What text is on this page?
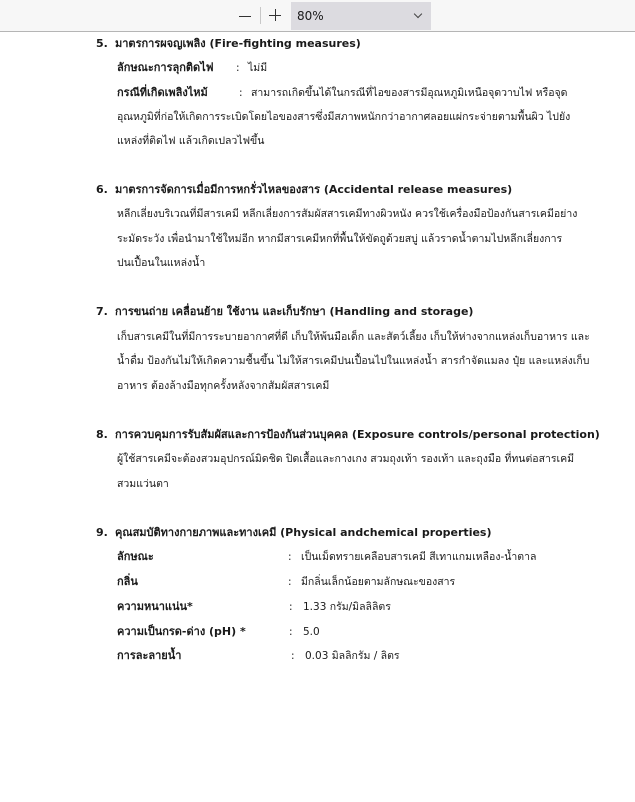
80%
5. มาตรการผจญเพลิง (Fire-fighting measures)
ลักษณะการลุกติดไฟ : ไม่มี
กรณีที่เกิดเพลิงไหม้	: สามารถเกิดขึ้นได้ในกรณีที่ไอของสารมีอุณหภูมิเหนือจุดวาบไฟ หรือจุด
อุณหภูมิที่ก่อให้เกิดการระเบิดโดยไอของสารซึ่งมีสภาพหนักกว่าอากาศลอยแผ่กระจ่ายตามพื้นผิว ไปยัง
แหล่งที่ติดไฟ แล้วเกิดเปลวไฟขึ้น
6. มาตรการจัดการเมื่อมีการหกรั่วไหลของสาร (Accidental release measures)
หลีกเลี่ยงบริเวณที่มีสารเคมี หลีกเลี่ยงการสัมผัสสารเคมีทางผิวหนัง ควรใช้เครื่องมือป้องกันสารเคมีอย่าง
ระมัดระวัง เพื่อนำมาใช้ใหม่อีก หากมีสารเคมีหกที่พื้นให้ขัดถูด้วยสบู่ แล้วราดน้ำตามไปหลีกเลี่ยงการ
ปนเปื้อนในแหล่งน้ำ
7. การขนถ่าย เคลื่อนย้าย ใช้งาน และเก็บรักษา (Handling and storage)
เก็บสารเคมีในที่มีการระบายอากาศที่ดี เก็บให้พ้นมือเด็ก และสัตว์เลี้ยง เก็บให้ห่างจากแหล่งเก็บอาหาร และ
น้ำดื่ม ป้องกันไม่ให้เกิดความชื้นขึ้น ไม่ให้สารเคมีปนเปื้อนไปในแหล่งน้ำ สารกำจัดแมลง ปุ๋ย และแหล่งเก็บ
อาหาร ต้องล้างมือทุกครั้งหลังจากสัมผัสสารเคมี
8. การควบคุมการรับสัมผัสและการป้องกันส่วนบุคคล (Exposure controls/personal protection)
ผู้ใช้สารเคมีจะต้องสวมอุปกรณ์มิดชิด ปิดเสื้อและกางเกง สวมถุงเท้า รองเท้า และถุงมือ ที่ทนต่อสารเคมี
สวมแว่นตา
9. คุณสมบัติทางกายภาพและทางเคมี (Physical andchemical properties)
ลักษณะ	: เป็นเม็ดทรายเคลือบสารเคมี สีเทาแกมเหลือง-น้ำตาล
กลิ่น	: มีกลิ่นเล็กน้อยตามลักษณะของสาร
ความหนาแน่น*	: 1.33 กรัม/มิลลิลิตร
ความเป็นกรด-ด่าง (pH) *	: 5.0
การละลายน้ำ	: 0.03 มิลลิกรัม / ลิตร
